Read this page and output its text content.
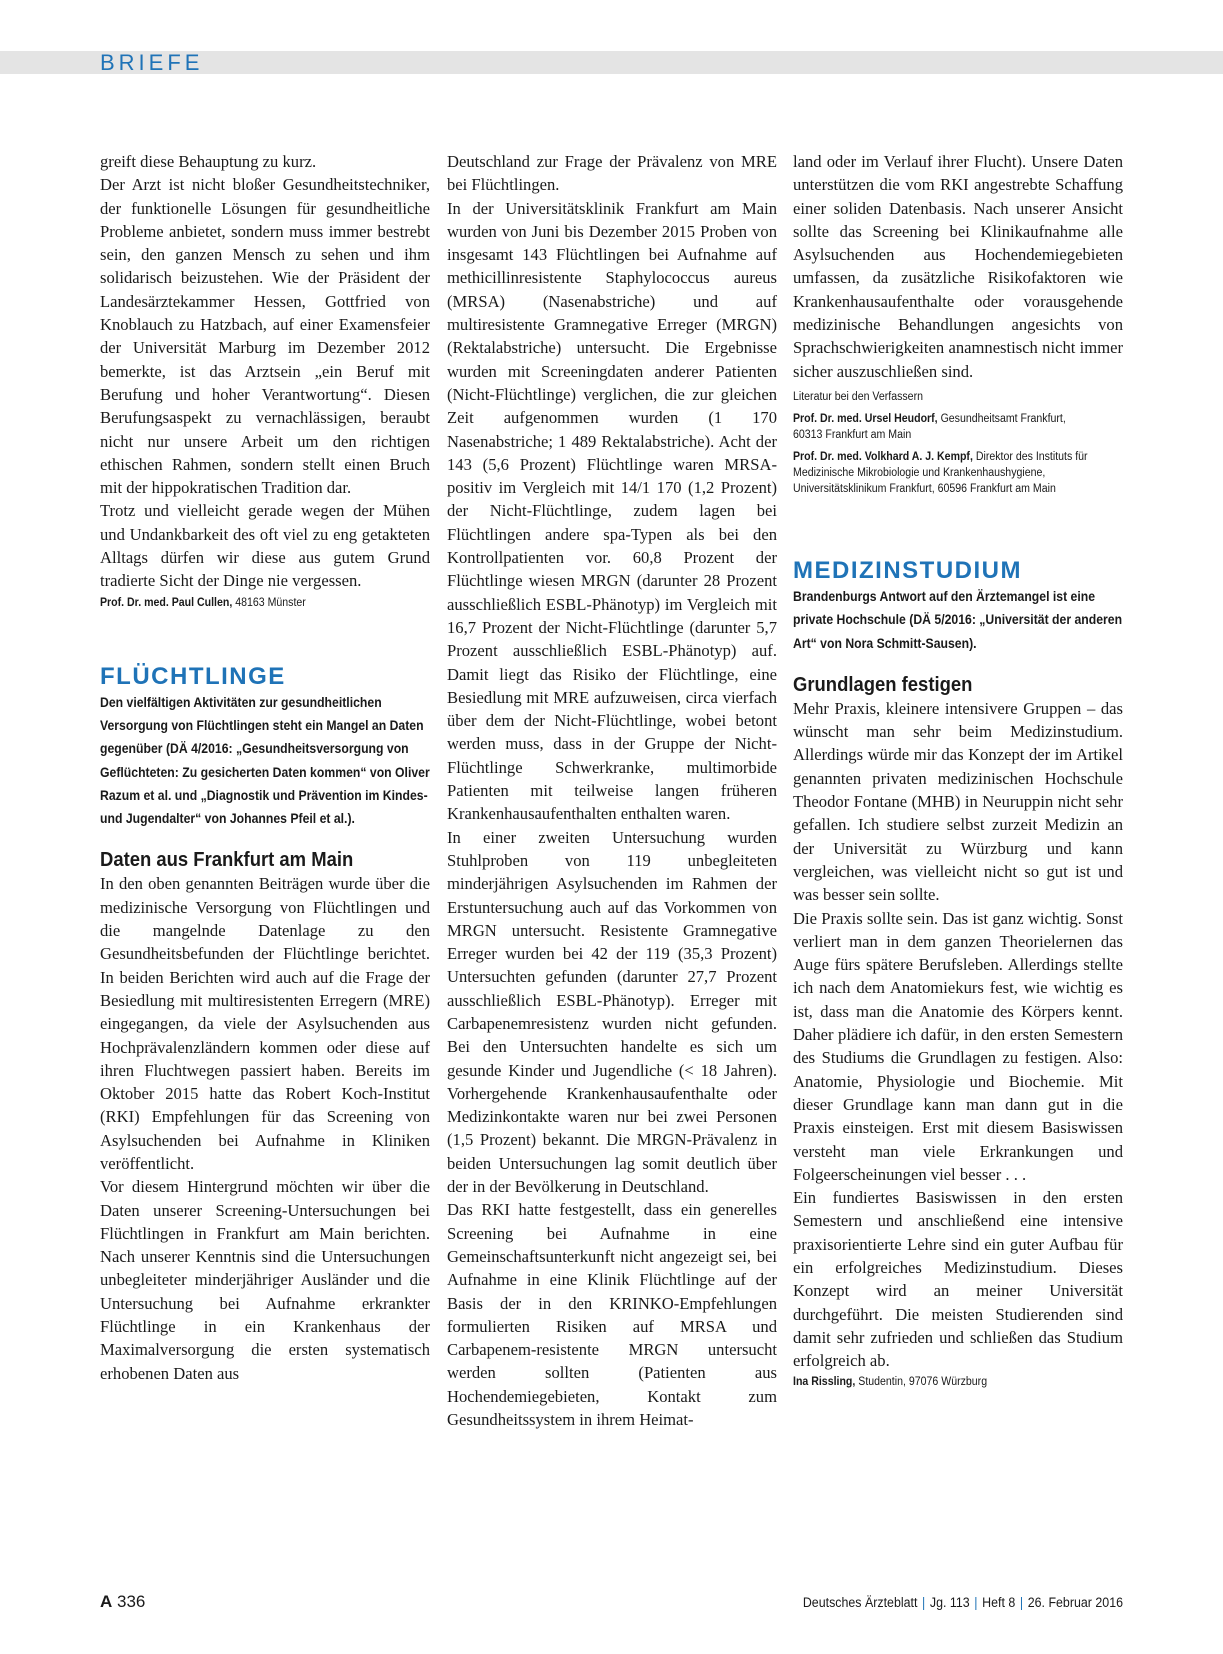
BRIEFE

greift diese Behauptung zu kurz.
Der Arzt ist nicht bloßer Gesundheitstechniker, der funktionelle Lösungen für gesundheitliche Probleme anbietet, sondern muss immer bestrebt sein, den ganzen Mensch zu sehen und ihm solidarisch beizustehen. Wie der Präsident der Landesärztekammer Hessen, Gottfried von Knoblauch zu Hatzbach, auf einer Examensfeier der Universität Marburg im Dezember 2012 bemerkte, ist das Arztsein „ein Beruf mit Berufung und hoher Verantwortung“. Diesen Berufungsaspekt zu vernachlässigen, beraubt nicht nur unsere Arbeit um den richtigen ethischen Rahmen, sondern stellt einen Bruch mit der hippokratischen Tradition dar.

Trotz und vielleicht gerade wegen der Mühen und Undankbarkeit des oft viel zu eng getakteten Alltags dürfen wir diese aus gutem Grund tradierte Sicht der Dinge nie vergessen.

Prof. Dr. med. Paul Cullen, 48163 Münster

FLÜCHTLINGE

Den vielfältigen Aktivitäten zur gesundheitlichen Versorgung von Flüchtlingen steht ein Mangel an Daten gegenüber (DÄ 4/2016: „Gesundheitsversorgung von Geflüchteten: Zu gesicherten Daten kommen“ von Oliver Razum et al. und „Diagnostik und Prävention im Kindes- und Jugendalter“ von Johannes Pfeil et al.).

Daten aus Frankfurt am Main

In den oben genannten Beiträgen wurde über die medizinische Versorgung von Flüchtlingen und die mangelnde Datenlage zu den Gesundheitsbefunden der Flüchtlinge berichtet. In beiden Berichten wird auch auf die Frage der Besiedlung mit multiresistenten Erregern (MRE) eingegangen, da viele der Asylsuchenden aus Hochprävalenzländern kommen oder diese auf ihren Fluchtwegen passiert haben. Bereits im Oktober 2015 hatte das Robert Koch-Institut (RKI) Empfehlungen für das Screening von Asylsuchenden bei Aufnahme in Kliniken veröffentlicht.

Vor diesem Hintergrund möchten wir über die Daten unserer Screening-Untersuchungen bei Flüchtlingen in Frankfurt am Main berichten. Nach unserer Kenntnis sind die Untersuchungen unbegleiteter minderjähriger Ausländer und die Untersuchung bei Aufnahme erkrankter Flüchtlinge in ein Krankenhaus der Maximalversorgung die ersten systematisch erhobenen Daten aus

Deutschland zur Frage der Prävalenz von MRE bei Flüchtlingen.

In der Universitätsklinik Frankfurt am Main wurden von Juni bis Dezember 2015 Proben von insgesamt 143 Flüchtlingen bei Aufnahme auf methicillinresistente Staphylococcus aureus (MRSA) (Nasenabstriche) und auf multiresistente Gramnegative Erreger (MRGN) (Rektalabstriche) untersucht. Die Ergebnisse wurden mit Screeningdaten anderer Patienten (Nicht-Flüchtlinge) verglichen, die zur gleichen Zeit aufgenommen wurden (1 170 Nasenabstriche; 1 489 Rektalabstriche). Acht der 143 (5,6 Prozent) Flüchtlinge waren MRSA-positiv im Vergleich mit 14/1 170 (1,2 Prozent) der Nicht-Flüchtlinge, zudem lagen bei Flüchtlingen andere spa-Typen als bei den Kontrollpatienten vor. 60,8 Prozent der Flüchtlinge wiesen MRGN (darunter 28 Prozent ausschließlich ESBL-Phänotyp) im Vergleich mit 16,7 Prozent der Nicht-Flüchtlinge (darunter 5,7 Prozent ausschließlich ESBL-Phänotyp) auf. Damit liegt das Risiko der Flüchtlinge, eine Besiedlung mit MRE aufzuweisen, circa vierfach über dem der Nicht-Flüchtlinge, wobei betont werden muss, dass in der Gruppe der Nicht-Flüchtlinge Schwerkranke, multimorbide Patienten mit teilweise langen früheren Krankenhausaufenthalten enthalten waren.

In einer zweiten Untersuchung wurden Stuhlproben von 119 unbegleiteten minderjährigen Asylsuchenden im Rahmen der Erstuntersuchung auch auf das Vorkommen von MRGN untersucht. Resistente Gramnegative Erreger wurden bei 42 der 119 (35,3 Prozent) Untersuchten gefunden (darunter 27,7 Prozent ausschließlich ESBL-Phänotyp). Erreger mit Carbapenemresistenz wurden nicht gefunden. Bei den Untersuchten handelte es sich um gesunde Kinder und Jugendliche (< 18 Jahren). Vorhergehende Krankenhausaufenthalte oder Medizinkontakte waren nur bei zwei Personen (1,5 Prozent) bekannt. Die MRGN-Prävalenz in beiden Untersuchungen lag somit deutlich über der in der Bevölkerung in Deutschland.

Das RKI hatte festgestellt, dass ein generelles Screening bei Aufnahme in eine Gemeinschaftsunterkunft nicht angezeigt sei, bei Aufnahme in eine Klinik Flüchtlinge auf der Basis der in den KRINKO-Empfehlungen formulierten Risiken auf MRSA und Carbapenem-resistente MRGN untersucht werden sollten (Patienten aus Hochendemiegebieten, Kontakt zum Gesundheitssystem in ihrem Heimat-

land oder im Verlauf ihrer Flucht). Unsere Daten unterstützen die vom RKI angestrebte Schaffung einer soliden Datenbasis. Nach unserer Ansicht sollte das Screening bei Klinikaufnahme alle Asylsuchenden aus Hochendemiegebieten umfassen, da zusätzliche Risikofaktoren wie Krankenhausaufenthalte oder vorausgehende medizinische Behandlungen angesichts von Sprachschwierigkeiten anamnestisch nicht immer sicher auszuschließen sind.

Literatur bei den Verfassern

Prof. Dr. med. Ursel Heudorf, Gesundheitsamt Frankfurt, 60313 Frankfurt am Main

Prof. Dr. med. Volkhard A. J. Kempf, Direktor des Instituts für Medizinische Mikrobiologie und Krankenhaushygiene, Universitätsklinikum Frankfurt, 60596 Frankfurt am Main

MEDIZINSTUDIUM

Brandenburgs Antwort auf den Ärztemangel ist eine private Hochschule (DÄ 5/2016: „Universität der anderen Art“ von Nora Schmitt-Sausen).

Grundlagen festigen

Mehr Praxis, kleinere intensivere Gruppen – das wünscht man sehr beim Medizinstudium. Allerdings würde mir das Konzept der im Artikel genannten privaten medizinischen Hochschule Theodor Fontane (MHB) in Neuruppin nicht sehr gefallen. Ich studiere selbst zurzeit Medizin an der Universität zu Würzburg und kann vergleichen, was vielleicht nicht so gut ist und was besser sein sollte.

Die Praxis sollte sein. Das ist ganz wichtig. Sonst verliert man in dem ganzen Theorielernen das Auge fürs spätere Berufsleben. Allerdings stellte ich nach dem Anatomiekurs fest, wie wichtig es ist, dass man die Anatomie des Körpers kennt. Daher plädiere ich dafür, in den ersten Semestern des Studiums die Grundlagen zu festigen. Also: Anatomie, Physiologie und Biochemie. Mit dieser Grundlage kann man dann gut in die Praxis einsteigen. Erst mit diesem Basiswissen versteht man viele Erkrankungen und Folgeerscheinungen viel besser . . .

Ein fundiertes Basiswissen in den ersten Semestern und anschließend eine intensive praxisorientierte Lehre sind ein guter Aufbau für ein erfolgreiches Medizinstudium. Dieses Konzept wird an meiner Universität durchgeführt. Die meisten Studierenden sind damit sehr zufrieden und schließen das Studium erfolgreich ab.

Ina Rissling, Studentin, 97076 Würzburg

A 336	Deutsches Ärzteblatt | Jg. 113 | Heft 8 | 26. Februar 2016
